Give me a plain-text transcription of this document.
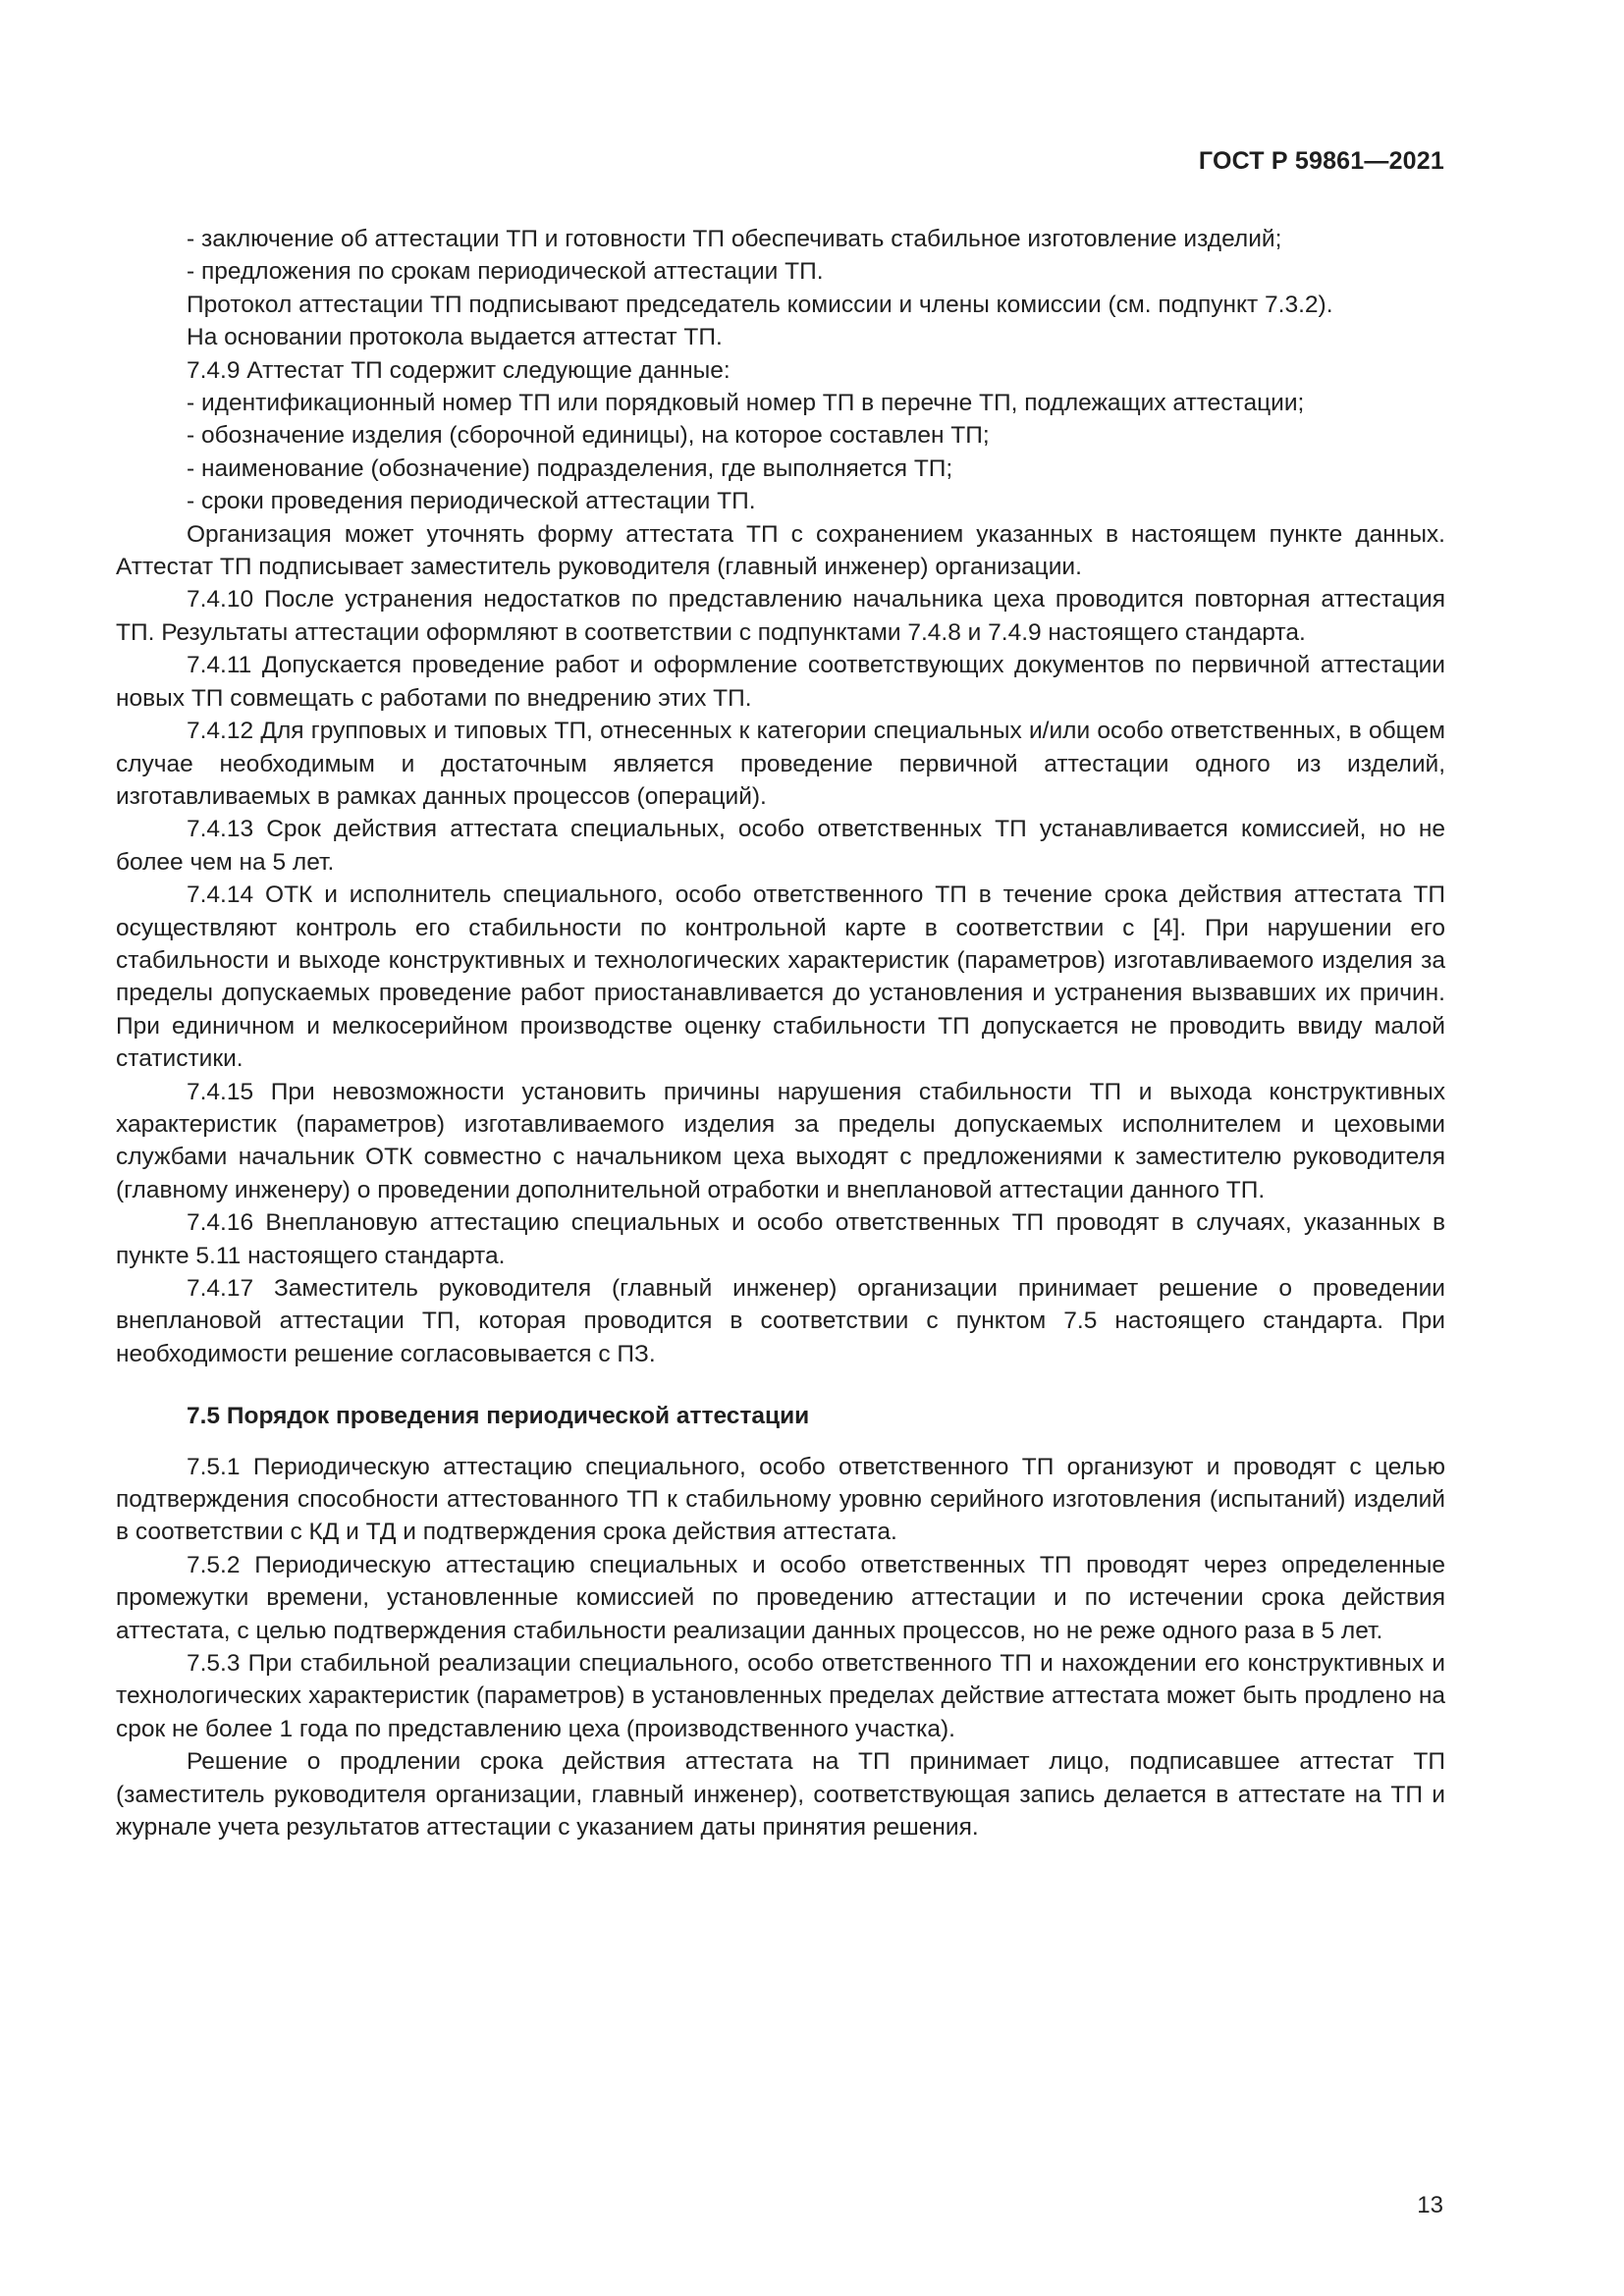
ГОСТ Р 59861—2021
- заключение об аттестации ТП и готовности ТП обеспечивать стабильное изготовление изделий;
- предложения по срокам периодической аттестации ТП.
Протокол аттестации ТП подписывают председатель комиссии и члены комиссии (см. подпункт 7.3.2).
На основании протокола выдается аттестат ТП.
7.4.9 Аттестат ТП содержит следующие данные:
- идентификационный номер ТП или порядковый номер ТП в перечне ТП, подлежащих аттестации;
- обозначение изделия (сборочной единицы), на которое составлен ТП;
- наименование (обозначение) подразделения, где выполняется ТП;
- сроки проведения периодической аттестации ТП.
Организация может уточнять форму аттестата ТП с сохранением указанных в настоящем пункте данных. Аттестат ТП подписывает заместитель руководителя (главный инженер) организации.
7.4.10 После устранения недостатков по представлению начальника цеха проводится повторная аттестация ТП. Результаты аттестации оформляют в соответствии с подпунктами 7.4.8 и 7.4.9 настоящего стандарта.
7.4.11 Допускается проведение работ и оформление соответствующих документов по первичной аттестации новых ТП совмещать с работами по внедрению этих ТП.
7.4.12 Для групповых и типовых ТП, отнесенных к категории специальных и/или особо ответственных, в общем случае необходимым и достаточным является проведение первичной аттестации одного из изделий, изготавливаемых в рамках данных процессов (операций).
7.4.13 Срок действия аттестата специальных, особо ответственных ТП устанавливается комиссией, но не более чем на 5 лет.
7.4.14 ОТК и исполнитель специального, особо ответственного ТП в течение срока действия аттестата ТП осуществляют контроль его стабильности по контрольной карте в соответствии с [4]. При нарушении его стабильности и выходе конструктивных и технологических характеристик (параметров) изготавливаемого изделия за пределы допускаемых проведение работ приостанавливается до установления и устранения вызвавших их причин. При единичном и мелкосерийном производстве оценку стабильности ТП допускается не проводить ввиду малой статистики.
7.4.15 При невозможности установить причины нарушения стабильности ТП и выхода конструктивных характеристик (параметров) изготавливаемого изделия за пределы допускаемых исполнителем и цеховыми службами начальник ОТК совместно с начальником цеха выходят с предложениями к заместителю руководителя (главному инженеру) о проведении дополнительной отработки и внеплановой аттестации данного ТП.
7.4.16 Внеплановую аттестацию специальных и особо ответственных ТП проводят в случаях, указанных в пункте 5.11 настоящего стандарта.
7.4.17 Заместитель руководителя (главный инженер) организации принимает решение о проведении внеплановой аттестации ТП, которая проводится в соответствии с пунктом 7.5 настоящего стандарта. При необходимости решение согласовывается с ПЗ.
7.5 Порядок проведения периодической аттестации
7.5.1 Периодическую аттестацию специального, особо ответственного ТП организуют и проводят с целью подтверждения способности аттестованного ТП к стабильному уровню серийного изготовления (испытаний) изделий в соответствии с КД и ТД и подтверждения срока действия аттестата.
7.5.2 Периодическую аттестацию специальных и особо ответственных ТП проводят через определенные промежутки времени, установленные комиссией по проведению аттестации и по истечении срока действия аттестата, с целью подтверждения стабильности реализации данных процессов, но не реже одного раза в 5 лет.
7.5.3 При стабильной реализации специального, особо ответственного ТП и нахождении его конструктивных и технологических характеристик (параметров) в установленных пределах действие аттестата может быть продлено на срок не более 1 года по представлению цеха (производственного участка).
Решение о продлении срока действия аттестата на ТП принимает лицо, подписавшее аттестат ТП (заместитель руководителя организации, главный инженер), соответствующая запись делается в аттестате на ТП и журнале учета результатов аттестации с указанием даты принятия решения.
13
